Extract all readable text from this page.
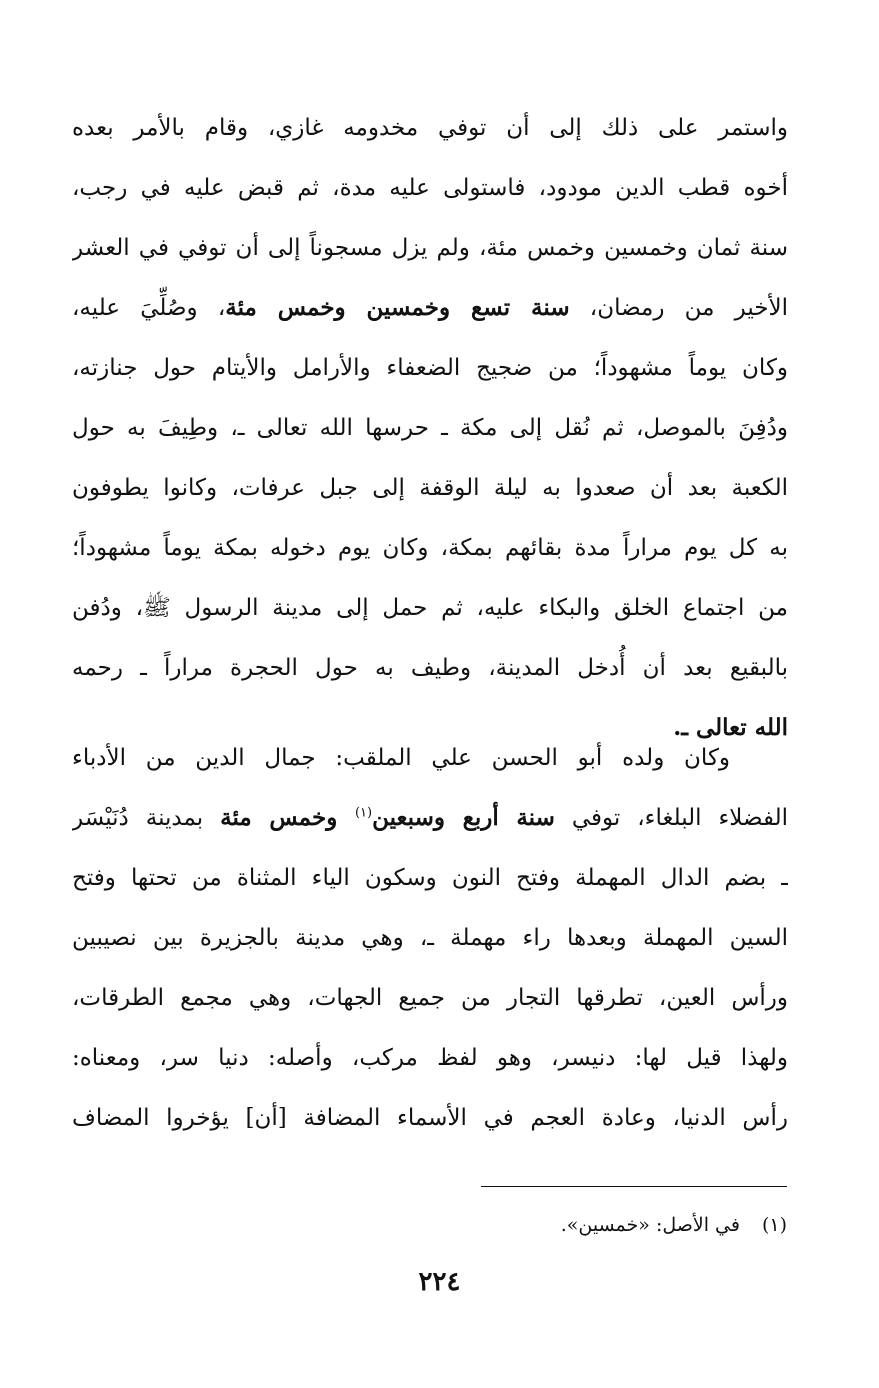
واستمر على ذلك إلى أن توفي مخدومه غازي، وقام بالأمر بعده
أخوه قطب الدين مودود، فاستولى عليه مدة، ثم قبض عليه في رجب،
سنة ثمان وخمسين وخمس مئة، ولم يزل مسجوناً إلى أن توفي في العشر
الأخير من رمضان، سنة تسع وخمسين وخمس مئة، وصُلِّيَ عليه،
وكان يوماً مشهوداً؛ من ضجيج الضعفاء والأرامل والأيتام حول جنازته،
ودُفِنَ بالموصل، ثم نُقل إلى مكة ـ حرسها الله تعالى ـ، وطِيفَ به حول
الكعبة بعد أن صعدوا به ليلة الوقفة إلى جبل عرفات، وكانوا يطوفون
به كل يوم مراراً مدة بقائهم بمكة، وكان يوم دخوله بمكة يوماً مشهوداً؛
من اجتماع الخلق والبكاء عليه، ثم حمل إلى مدينة الرسول ﷺ، ودُفن
بالبقيع بعد أن أُدخل المدينة، وطيف به حول الحجرة مراراً ـ رحمه
الله تعالى ـ.
وكان ولده أبو الحسن علي الملقب: جمال الدين من الأدباء
الفضلاء البلغاء، توفي سنة أربع وسبعين$^{(١)}$ وخمس مئة بمدينة دُنَيْسَر
ـ بضم الدال المهملة وفتح النون وسكون الياء المثناة من تحتها وفتح
السين المهملة وبعدها راء مهملة ـ، وهي مدينة بالجزيرة بين نصيبين
ورأس العين، تطرقها التجار من جميع الجهات، وهي مجمع الطرقات،
ولهذا قيل لها: دنيسر، وهو لفظ مركب، وأصله: دنيا سر، ومعناه:
رأس الدنيا، وعادة العجم في الأسماء المضافة [أن] يؤخروا المضاف
(١)في الأصل: «خمسين».
٢٢٤
